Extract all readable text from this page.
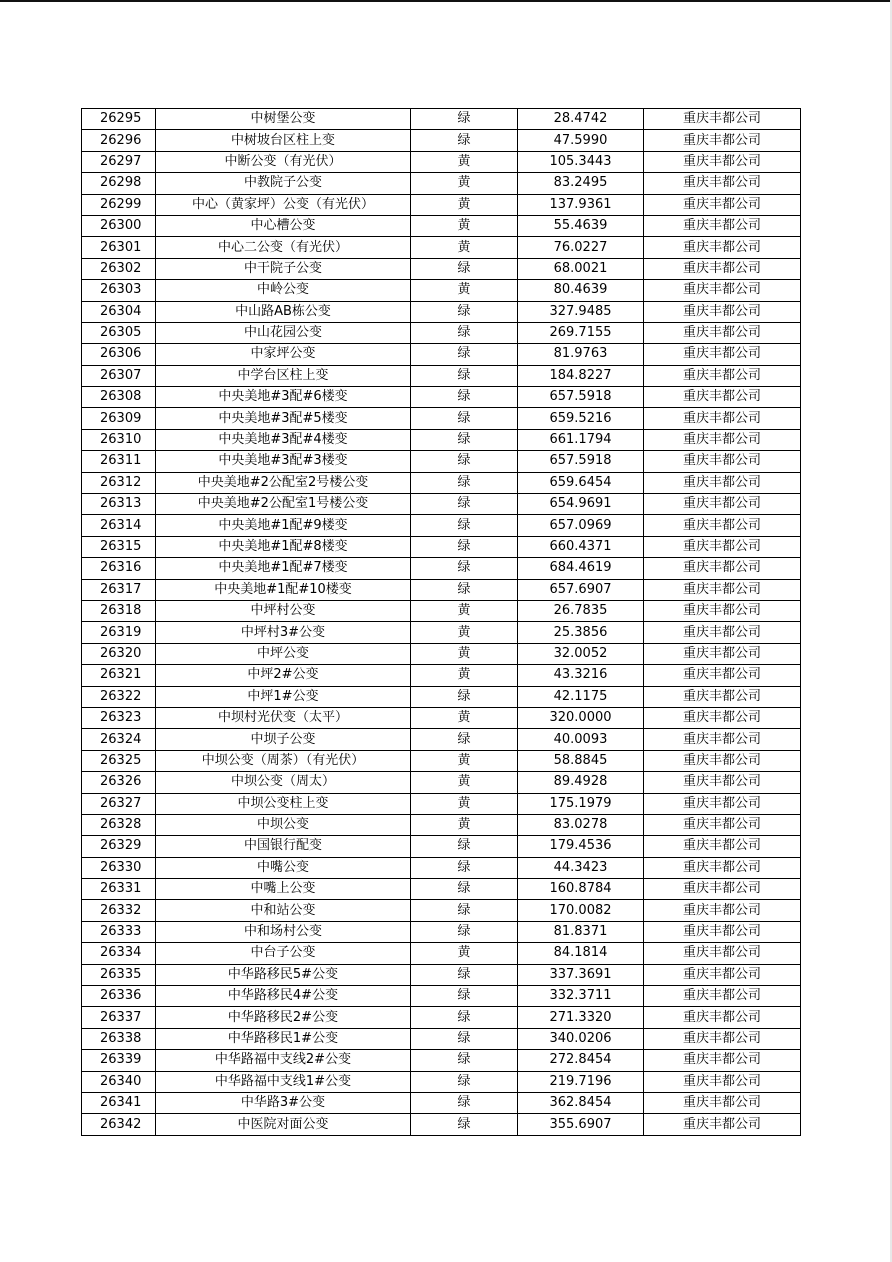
26295	中树堡公变	绿	28.4742	重庆丰都公司
26296	中树坡台区柱上变	绿	47.5990	重庆丰都公司
26297	中断公变（有光伏）	黄	105.3443	重庆丰都公司
26298	中教院子公变	黄	83.2495	重庆丰都公司
26299	中心（黄家坪）公变（有光伏）	黄	137.9361	重庆丰都公司
26300	中心槽公变	黄	55.4639	重庆丰都公司
26301	中心二公变（有光伏）	黄	76.0227	重庆丰都公司
26302	中干院子公变	绿	68.0021	重庆丰都公司
26303	中岭公变	黄	80.4639	重庆丰都公司
26304	中山路AB栋公变	绿	327.9485	重庆丰都公司
26305	中山花园公变	绿	269.7155	重庆丰都公司
26306	中家坪公变	绿	81.9763	重庆丰都公司
26307	中学台区柱上变	绿	184.8227	重庆丰都公司
26308	中央美地#3配#6楼变	绿	657.5918	重庆丰都公司
26309	中央美地#3配#5楼变	绿	659.5216	重庆丰都公司
26310	中央美地#3配#4楼变	绿	661.1794	重庆丰都公司
26311	中央美地#3配#3楼变	绿	657.5918	重庆丰都公司
26312	中央美地#2公配室2号楼公变	绿	659.6454	重庆丰都公司
26313	中央美地#2公配室1号楼公变	绿	654.9691	重庆丰都公司
26314	中央美地#1配#9楼变	绿	657.0969	重庆丰都公司
26315	中央美地#1配#8楼变	绿	660.4371	重庆丰都公司
26316	中央美地#1配#7楼变	绿	684.4619	重庆丰都公司
26317	中央美地#1配#10楼变	绿	657.6907	重庆丰都公司
26318	中坪村公变	黄	26.7835	重庆丰都公司
26319	中坪村3#公变	黄	25.3856	重庆丰都公司
26320	中坪公变	黄	32.0052	重庆丰都公司
26321	中坪2#公变	黄	43.3216	重庆丰都公司
26322	中坪1#公变	绿	42.1175	重庆丰都公司
26323	中坝村光伏变（太平）	黄	320.0000	重庆丰都公司
26324	中坝子公变	绿	40.0093	重庆丰都公司
26325	中坝公变（周茶）（有光伏）	黄	58.8845	重庆丰都公司
26326	中坝公变（周太）	黄	89.4928	重庆丰都公司
26327	中坝公变柱上变	黄	175.1979	重庆丰都公司
26328	中坝公变	黄	83.0278	重庆丰都公司
26329	中国银行配变	绿	179.4536	重庆丰都公司
26330	中嘴公变	绿	44.3423	重庆丰都公司
26331	中嘴上公变	绿	160.8784	重庆丰都公司
26332	中和站公变	绿	170.0082	重庆丰都公司
26333	中和场村公变	绿	81.8371	重庆丰都公司
26334	中台子公变	黄	84.1814	重庆丰都公司
26335	中华路移民5#公变	绿	337.3691	重庆丰都公司
26336	中华路移民4#公变	绿	332.3711	重庆丰都公司
26337	中华路移民2#公变	绿	271.3320	重庆丰都公司
26338	中华路移民1#公变	绿	340.0206	重庆丰都公司
26339	中华路福中支线2#公变	绿	272.8454	重庆丰都公司
26340	中华路福中支线1#公变	绿	219.7196	重庆丰都公司
26341	中华路3#公变	绿	362.8454	重庆丰都公司
26342	中医院对面公变	绿	355.6907	重庆丰都公司
